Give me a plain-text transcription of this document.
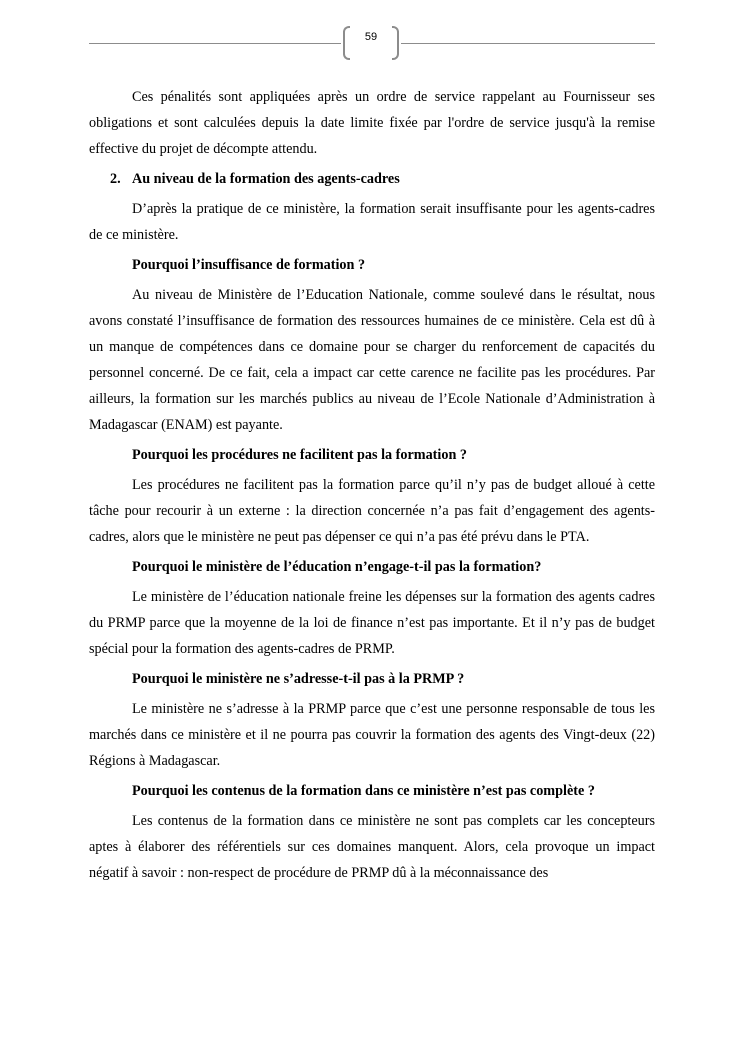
59

Ces pénalités sont appliquées après un ordre de service rappelant au Fournisseur ses obligations et sont calculées depuis la date limite fixée par l'ordre de service jusqu'à la remise effective du projet de décompte attendu.

2. Au niveau de la formation des agents-cadres

D’après la pratique de ce ministère, la formation serait insuffisante pour les agents-cadres de ce ministère.

Pourquoi l’insuffisance de formation ?

Au niveau de Ministère de l’Education Nationale, comme soulevé dans le résultat, nous avons constaté l’insuffisance de formation des ressources humaines de ce ministère. Cela est dû à un manque de compétences dans ce domaine pour se charger du renforcement de capacités du personnel concerné. De ce fait, cela a impact car cette carence ne facilite pas les procédures. Par ailleurs, la formation sur les marchés publics au niveau de l’Ecole Nationale d’Administration à Madagascar (ENAM) est payante.

Pourquoi les procédures ne facilitent pas la formation ?

Les procédures ne facilitent pas la formation parce qu’il n’y pas de budget alloué à cette tâche pour recourir à un externe : la direction concernée n’a pas fait d’engagement des agents-cadres, alors que le ministère ne peut pas dépenser ce qui n’a pas été prévu dans le PTA.

Pourquoi le ministère de l’éducation n’engage-t-il pas la formation?

Le ministère de l’éducation nationale freine les dépenses sur la formation des agents cadres du PRMP parce que la moyenne de la loi de finance n’est pas importante. Et il n’y pas de budget spécial pour la formation des agents-cadres de PRMP.

Pourquoi le ministère ne s’adresse-t-il pas à la PRMP ?

Le ministère ne s’adresse à la PRMP parce que c’est une personne responsable de tous les marchés dans ce ministère et il ne pourra pas couvrir la formation des agents des Vingt-deux (22) Régions à Madagascar.

Pourquoi les contenus de la formation dans ce ministère n’est pas complète ?

Les contenus de la formation dans ce ministère ne sont pas complets car les concepteurs aptes à élaborer des référentiels sur ces domaines manquent. Alors, cela provoque un impact négatif à savoir : non-respect de procédure de PRMP dû à la méconnaissance des
